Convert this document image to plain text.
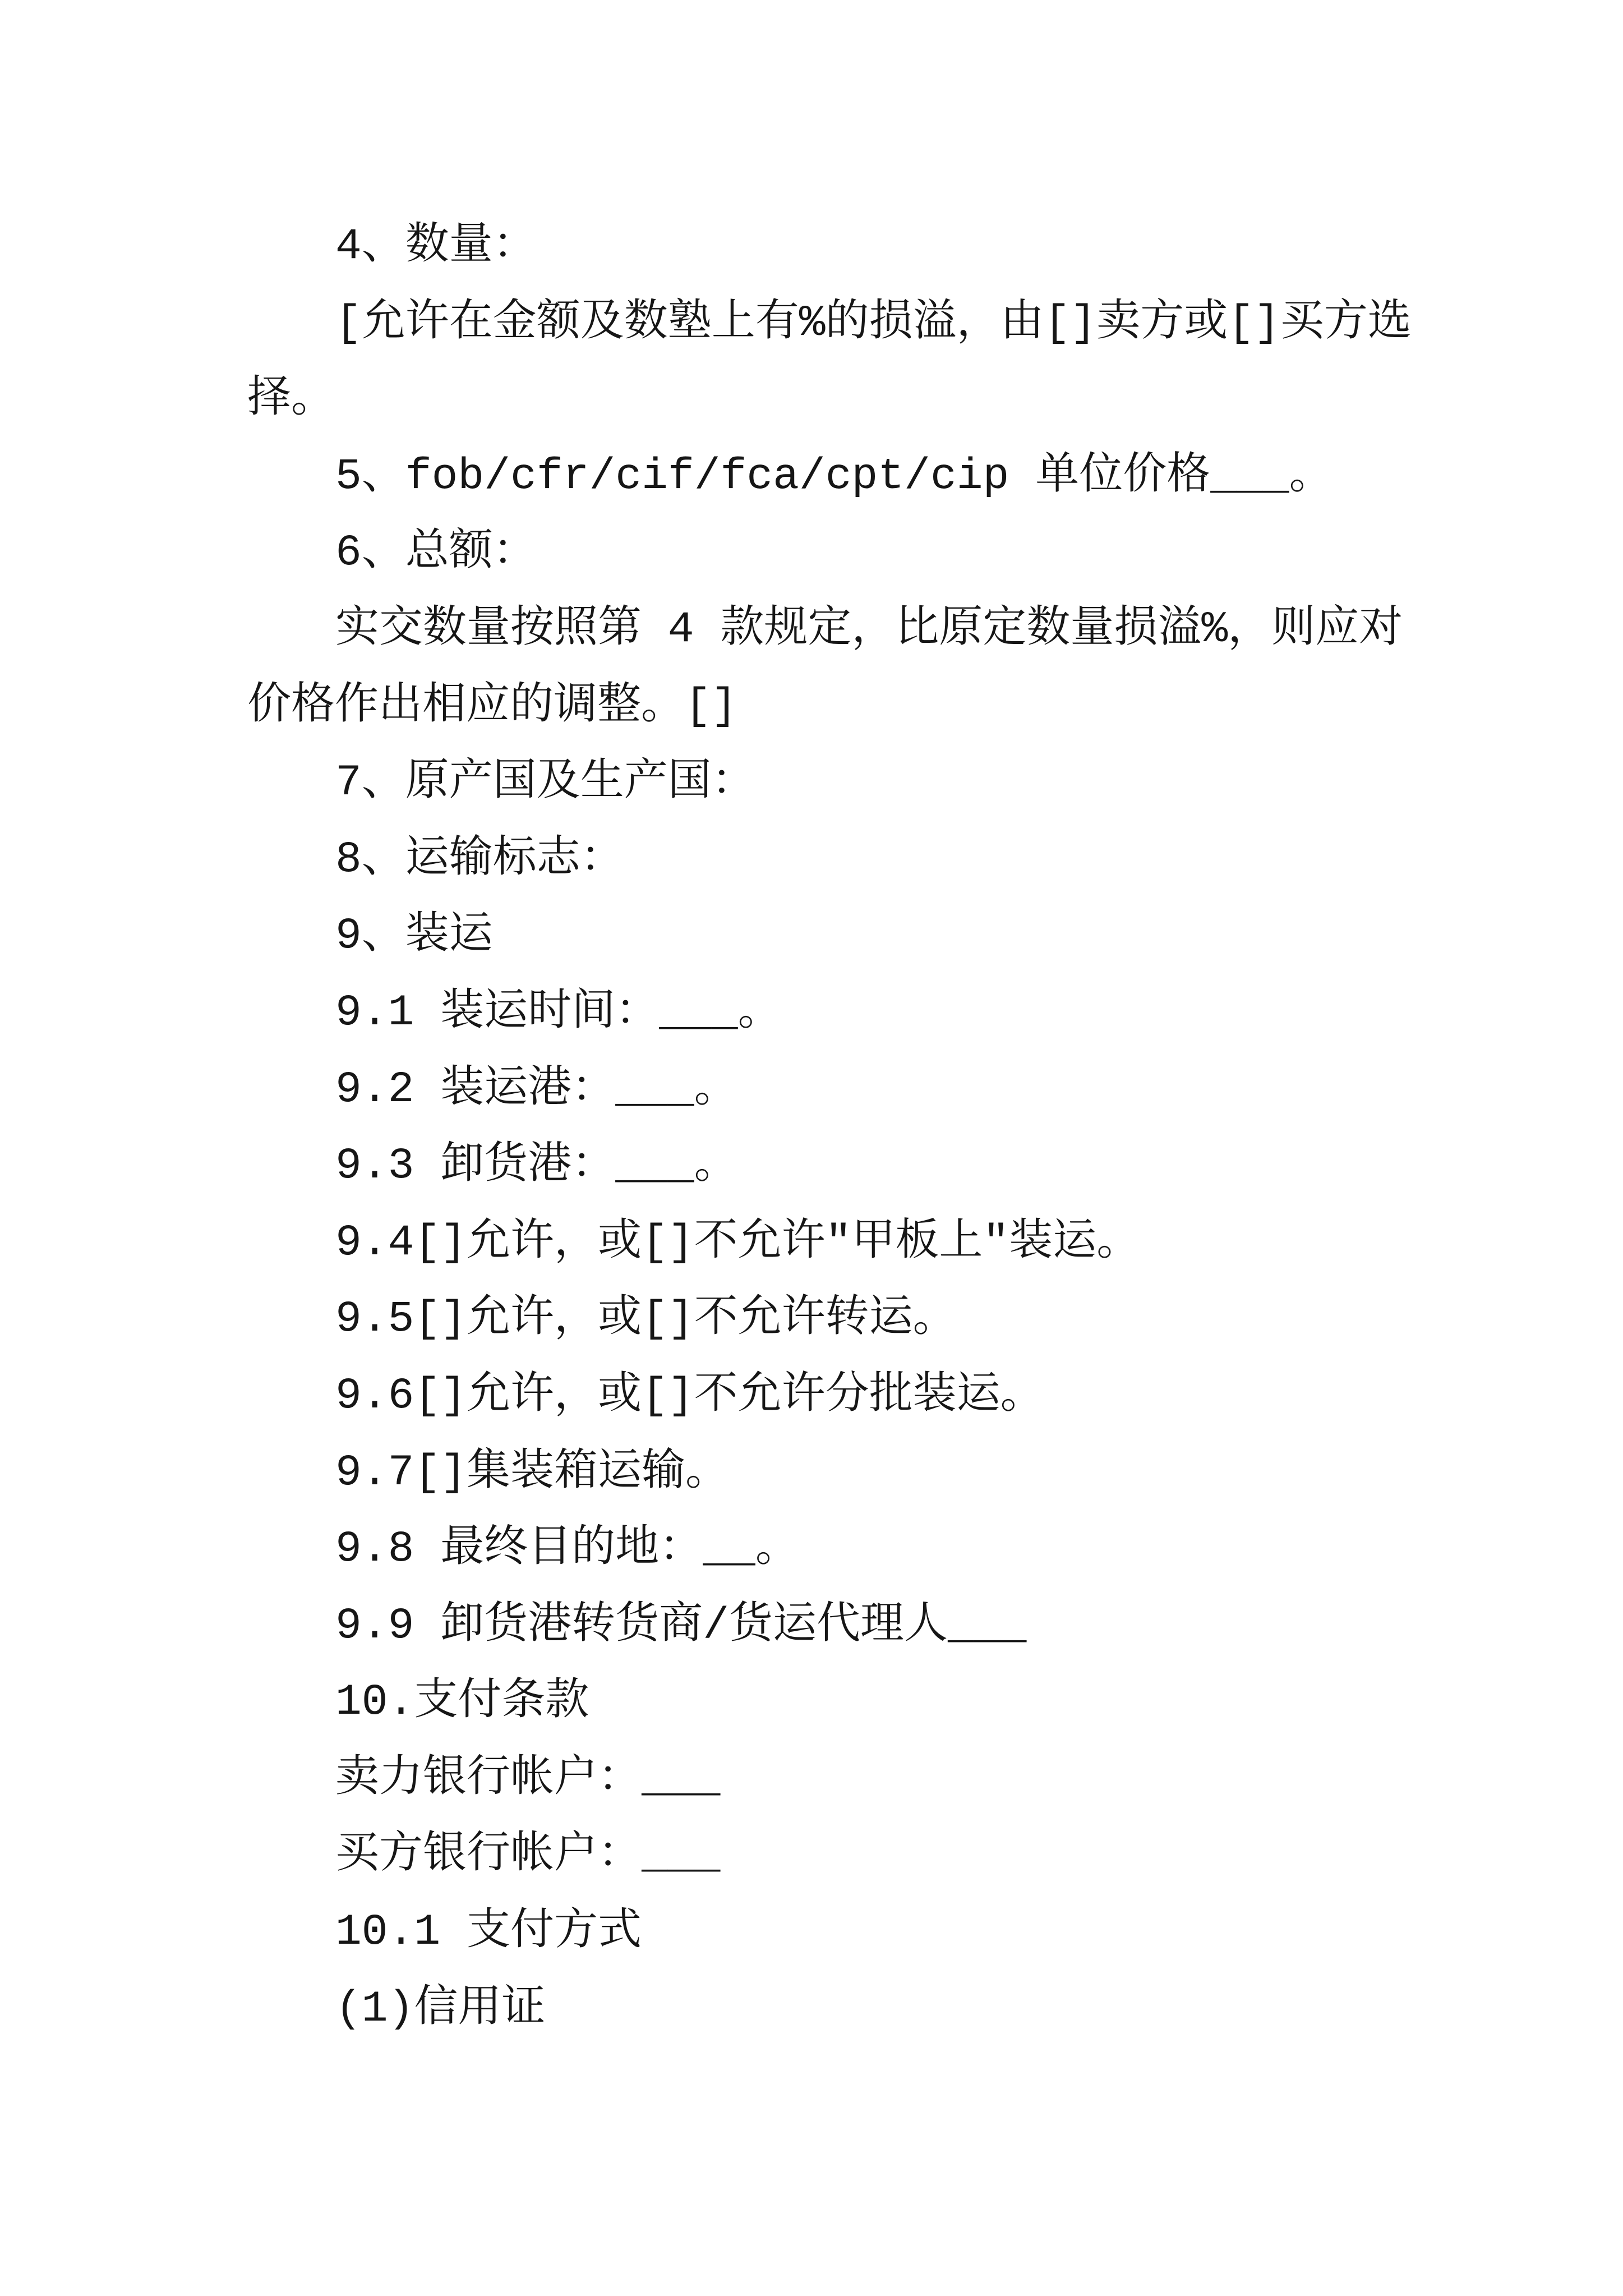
4、数量：
[允许在金额及数塾上有%的损溢，由[]卖方或[]买方选
择。
5、fob/cfr/cif/fca/cpt/cip 单位价格___。
6、总额：
实交数量按照第 4 款规定，比原定数量损溢%，则应对
价格作出相应的调整。[]
7、原产国及生产国：
8、运输标志：
9、装运
9.1 装运时间：___。
9.2 装运港：___。
9.3 卸货港：___。
9.4[]允许，或[]不允许"甲板上"装运。
9.5[]允许，或[]不允许转运。
9.6[]允许，或[]不允许分批装运。
9.7[]集装箱运输。
9.8 最终目的地：__。
9.9 卸货港转货商/货运代理人___
10.支付条款
卖力银行帐户：___
买方银行帐户：___
10.1 支付方式
(1)信用证
